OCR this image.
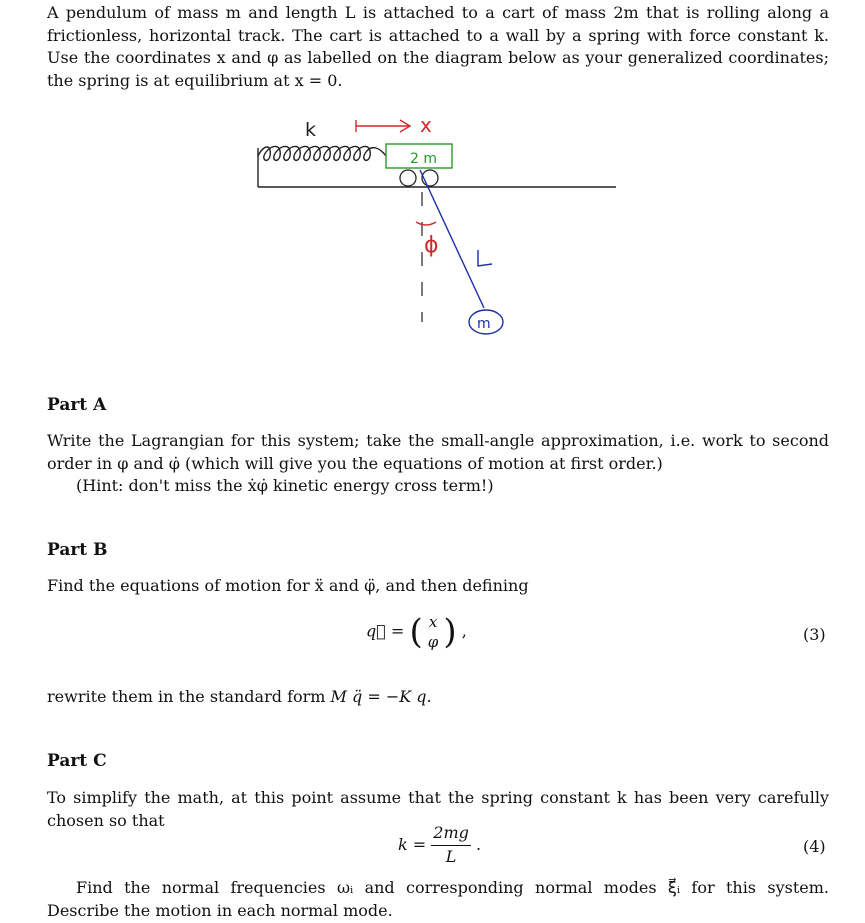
A pendulum of mass m and length L is attached to a cart of mass 2m that is rolling along a frictionless, horizontal track. The cart is attached to a wall by a spring with force constant k. Use the coordinates x and φ as labelled on the diagram below as your generalized coordinates; the spring is at equilibrium at x = 0.
k	x
2 m
ϕ
m
Part A
Write the Lagrangian for this system; take the small-angle approximation, i.e. work to second order in φ and φ̇ (which will give you the equations of motion at first order.)
(Hint: don't miss the ẋφ̇ kinetic energy cross term!)
Part B
Find the equations of motion for ẍ and φ̈, and then defining
q⃗ = ( x
φ ) ,	(3)
rewrite them in the standard form M q̈ = −K q.
Part C
To simplify the math, at this point assume that the spring constant k has been very carefully chosen so that
$k = \frac{2mg}{L}$ .	(4)
Find the normal frequencies ωᵢ and corresponding normal modes ξ⃗ᵢ for this system. Describe the motion in each normal mode.
